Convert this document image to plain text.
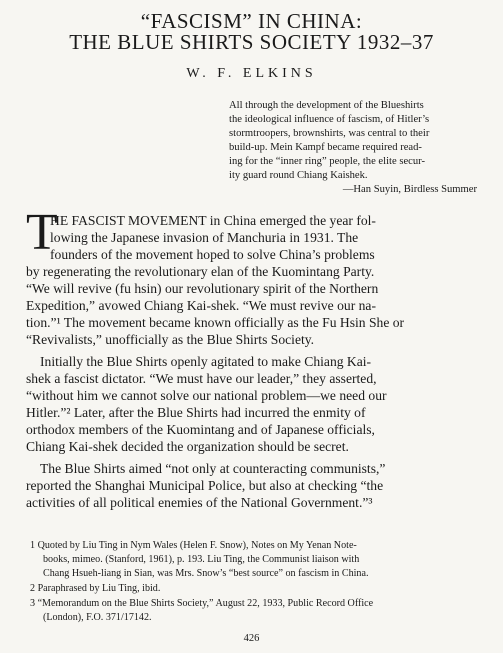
“FASCISM” IN CHINA:
THE BLUE SHIRTS SOCIETY 1932–37
W. F. ELKINS
All through the development of the Blueshirts
the ideological influence of fascism, of Hitler’s
stormtroopers, brownshirts, was central to their
build-up. Mein Kampf became required read-
ing for the “inner ring” people, the elite secur-
ity guard round Chiang Kaishek.
—Han Suyin, Birdless Summer
T
HE FASCIST MOVEMENT in China emerged the year fol-
lowing the Japanese invasion of Manchuria in 1931. The
founders of the movement hoped to solve China’s problems
by regenerating the revolutionary elan of the Kuomintang Party.
“We will revive (fu hsin) our revolutionary spirit of the Northern
Expedition,” avowed Chiang Kai-shek. “We must revive our na-
tion.”¹ The movement became known officially as the Fu Hsin She or
“Revivalists,” unofficially as the Blue Shirts Society.
Initially the Blue Shirts openly agitated to make Chiang Kai-
shek a fascist dictator. “We must have our leader,” they asserted,
“without him we cannot solve our national problem—we need our
Hitler.”² Later, after the Blue Shirts had incurred the enmity of
orthodox members of the Kuomintang and of Japanese officials,
Chiang Kai-shek decided the organization should be secret.
The Blue Shirts aimed “not only at counteracting communists,”
reported the Shanghai Municipal Police, but also at checking “the
activities of all political enemies of the National Government.”³
1 Quoted by Liu Ting in Nym Wales (Helen F. Snow), Notes on My Yenan Note-
books, mimeo. (Stanford, 1961), p. 193. Liu Ting, the Communist liaison with
Chang Hsueh-liang in Sian, was Mrs. Snow’s “best source” on fascism in China.
2 Paraphrased by Liu Ting, ibid.
3 “Memorandum on the Blue Shirts Society,” August 22, 1933, Public Record Office
(London), F.O. 371/17142.
426
